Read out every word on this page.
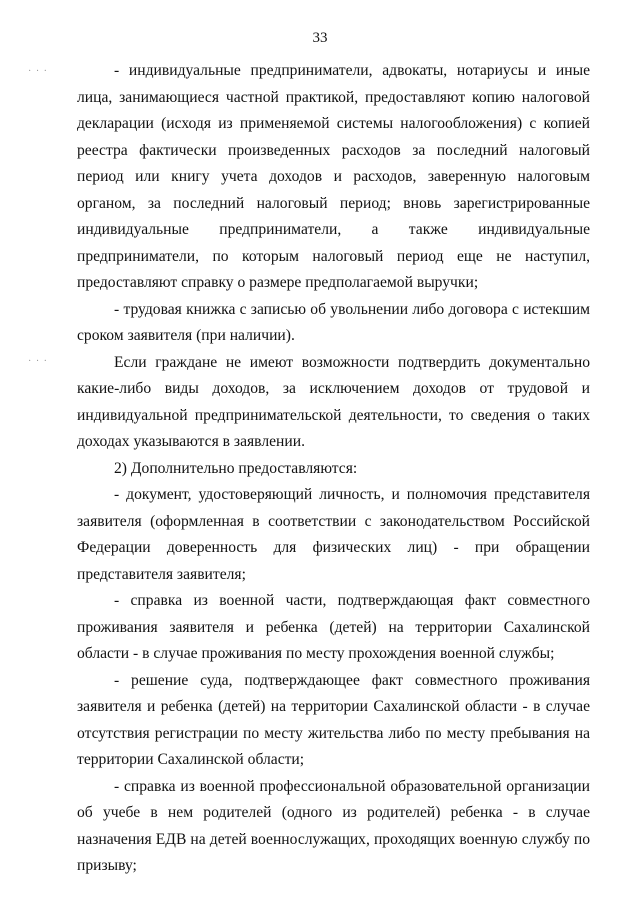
33
· · ·
· · ·

- индивидуальные предприниматели, адвокаты, нотариусы и иные лица, занимающиеся частной практикой, предоставляют копию налоговой декларации (исходя из применяемой системы налогообложения) с копией реестра фактически произведенных расходов за последний налоговый период или книгу учета доходов и расходов, заверенную налоговым органом, за последний налоговый период; вновь зарегистрированные индивидуальные предприниматели, а также индивидуальные предприниматели, по которым налоговый период еще не наступил, предоставляют справку о размере предполагаемой выручки;

- трудовая книжка с записью об увольнении либо договора с истекшим сроком заявителя (при наличии).

Если граждане не имеют возможности подтвердить документально какие-либо виды доходов, за исключением доходов от трудовой и индивидуальной предпринимательской деятельности, то сведения о таких доходах указываются в заявлении.

2) Дополнительно предоставляются:

- документ, удостоверяющий личность, и полномочия представителя заявителя (оформленная в соответствии с законодательством Российской Федерации доверенность для физических лиц) - при обращении представителя заявителя;

- справка из военной части, подтверждающая факт совместного проживания заявителя и ребенка (детей) на территории Сахалинской области - в случае проживания по месту прохождения военной службы;

- решение суда, подтверждающее факт совместного проживания заявителя и ребенка (детей) на территории Сахалинской области - в случае отсутствия регистрации по месту жительства либо по месту пребывания на территории Сахалинской области;

- справка из военной профессиональной образовательной организации об учебе в нем родителей (одного из родителей) ребенка - в случае назначения ЕДВ на детей военнослужащих, проходящих военную службу по призыву;
